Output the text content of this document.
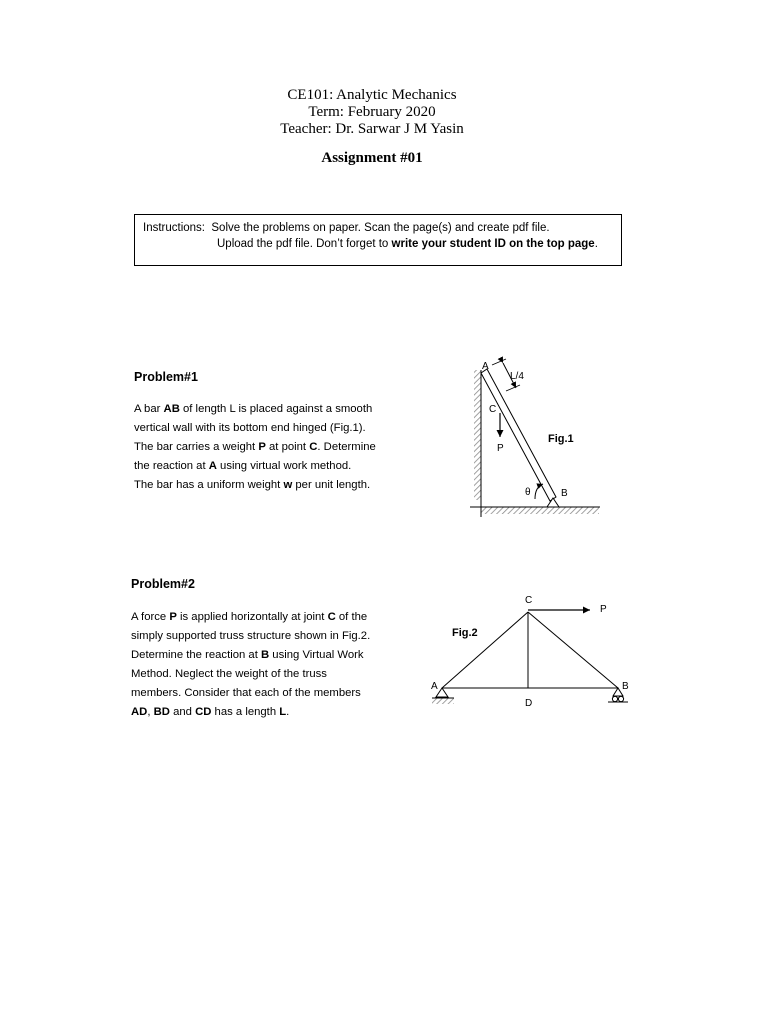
CE101: Analytic Mechanics
Term: February 2020
Teacher: Dr. Sarwar J M Yasin
Assignment #01
Instructions: Solve the problems on paper. Scan the page(s) and create pdf file.
Upload the pdf file. Don’t forget to write your student ID on the top page.
Problem#1

A bar AB of length L is placed against a smooth

vertical wall with its bottom end hinged (Fig.1).

The bar carries a weight P at point C. Determine

the reaction at A using virtual work method.

The bar has a uniform weight w per unit length.

A
B
C
P
L/4
θ
Fig.1
Problem#2

A force P is applied horizontally at joint C of the

simply supported truss structure shown in Fig.2.

Determine the reaction at B using Virtual Work

Method. Neglect the weight of the truss

members. Consider that each of the members

AD, BD and CD has a length L.

C
P
A	B
D
Fig.2
